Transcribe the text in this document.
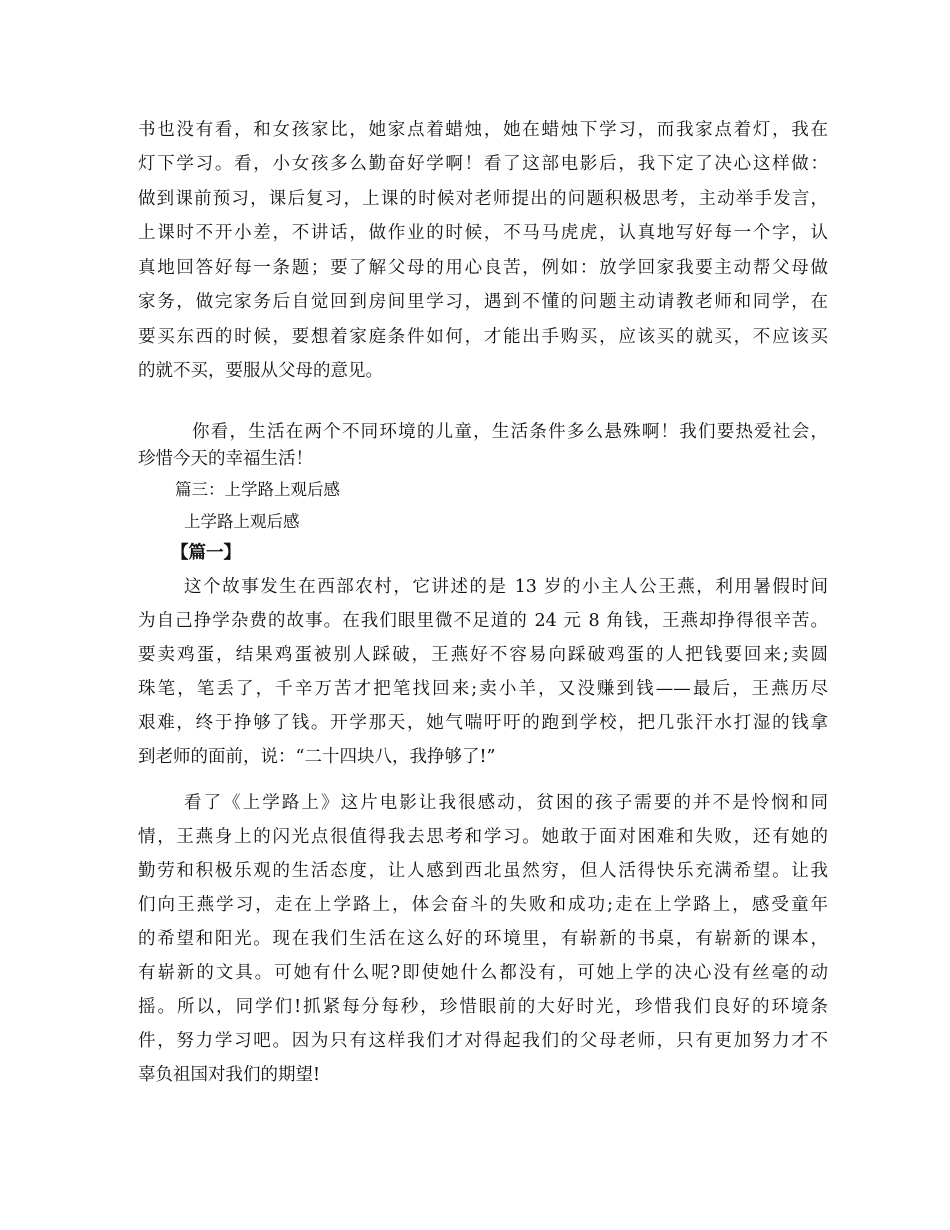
书也没有看，和女孩家比，她家点着蜡烛，她在蜡烛下学习，而我家点着灯，我在
灯下学习。看，小女孩多么勤奋好学啊！看了这部电影后，我下定了决心这样做：
做到课前预习，课后复习，上课的时候对老师提出的问题积极思考，主动举手发言，
上课时不开小差，不讲话，做作业的时候，不马马虎虎，认真地写好每一个字，认
真地回答好每一条题；要了解父母的用心良苦，例如：放学回家我要主动帮父母做
家务，做完家务后自觉回到房间里学习，遇到不懂的问题主动请教老师和同学，在
要买东西的时候，要想着家庭条件如何，才能出手购买，应该买的就买，不应该买
的就不买，要服从父母的意见。
你看，生活在两个不同环境的儿童，生活条件多么悬殊啊！我们要热爱社会，
珍惜今天的幸福生活！
篇三：上学路上观后感
上学路上观后感
【篇一】
这个故事发生在西部农村，它讲述的是 13 岁的小主人公王燕，利用暑假时间
为自己挣学杂费的故事。在我们眼里微不足道的 24 元 8 角钱，王燕却挣得很辛苦。
要卖鸡蛋，结果鸡蛋被别人踩破，王燕好不容易向踩破鸡蛋的人把钱要回来;卖圆
珠笔，笔丢了，千辛万苦才把笔找回来;卖小羊，又没赚到钱——最后，王燕历尽
艰难，终于挣够了钱。开学那天，她气喘吁吁的跑到学校，把几张汗水打湿的钱拿
到老师的面前，说：“二十四块八，我挣够了!”
看了《上学路上》这片电影让我很感动，贫困的孩子需要的并不是怜悯和同
情，王燕身上的闪光点很值得我去思考和学习。她敢于面对困难和失败，还有她的
勤劳和积极乐观的生活态度，让人感到西北虽然穷，但人活得快乐充满希望。让我
们向王燕学习，走在上学路上，体会奋斗的失败和成功;走在上学路上，感受童年
的希望和阳光。现在我们生活在这么好的环境里，有崭新的书桌，有崭新的课本，
有崭新的文具。可她有什么呢?即使她什么都没有，可她上学的决心没有丝毫的动
摇。所以，同学们!抓紧每分每秒，珍惜眼前的大好时光，珍惜我们良好的环境条
件，努力学习吧。因为只有这样我们才对得起我们的父母老师，只有更加努力才不
辜负祖国对我们的期望!
